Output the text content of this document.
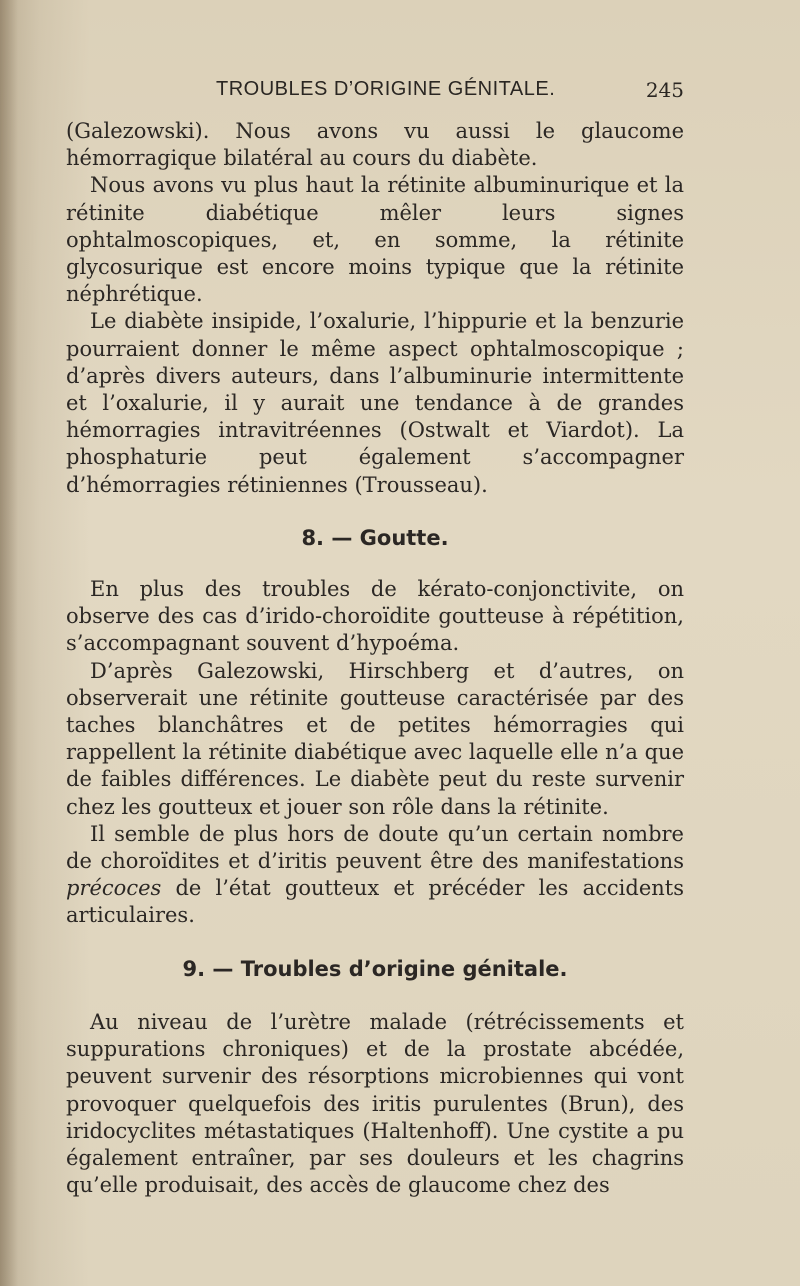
TROUBLES D’ORIGINE GÉNITALE.	245

(Galezowski). Nous avons vu aussi le glaucome hémorragique bilatéral au cours du diabète.

Nous avons vu plus haut la rétinite albuminurique et la rétinite diabétique mêler leurs signes ophtalmoscopiques, et, en somme, la rétinite glycosurique est encore moins typique que la rétinite néphrétique.

Le diabète insipide, l’oxalurie, l’hippurie et la benzurie pourraient donner le même aspect ophtalmoscopique ; d’après divers auteurs, dans l’albuminurie intermittente et l’oxalurie, il y aurait une tendance à de grandes hémorragies intravitréennes (Ostwalt et Viardot). La phosphaturie peut également s’accompagner d’hémorragies rétiniennes (Trousseau).

8. — Goutte.

En plus des troubles de kérato-conjonctivite, on observe des cas d’irido-choroïdite goutteuse à répétition, s’accompagnant souvent d’hypoéma.

D’après Galezowski, Hirschberg et d’autres, on observerait une rétinite goutteuse caractérisée par des taches blanchâtres et de petites hémorragies qui rappellent la rétinite diabétique avec laquelle elle n’a que de faibles différences. Le diabète peut du reste survenir chez les goutteux et jouer son rôle dans la rétinite.

Il semble de plus hors de doute qu’un certain nombre de choroïdites et d’iritis peuvent être des manifestations précoces de l’état goutteux et précéder les accidents articulaires.

9. — Troubles d’origine génitale.

Au niveau de l’urètre malade (rétrécissements et suppurations chroniques) et de la prostate abcédée, peuvent survenir des résorptions microbiennes qui vont provoquer quelquefois des iritis purulentes (Brun), des iridocyclites métastatiques (Haltenhoff). Une cystite a pu également entraîner, par ses douleurs et les chagrins qu’elle produisait, des accès de glaucome chez des
